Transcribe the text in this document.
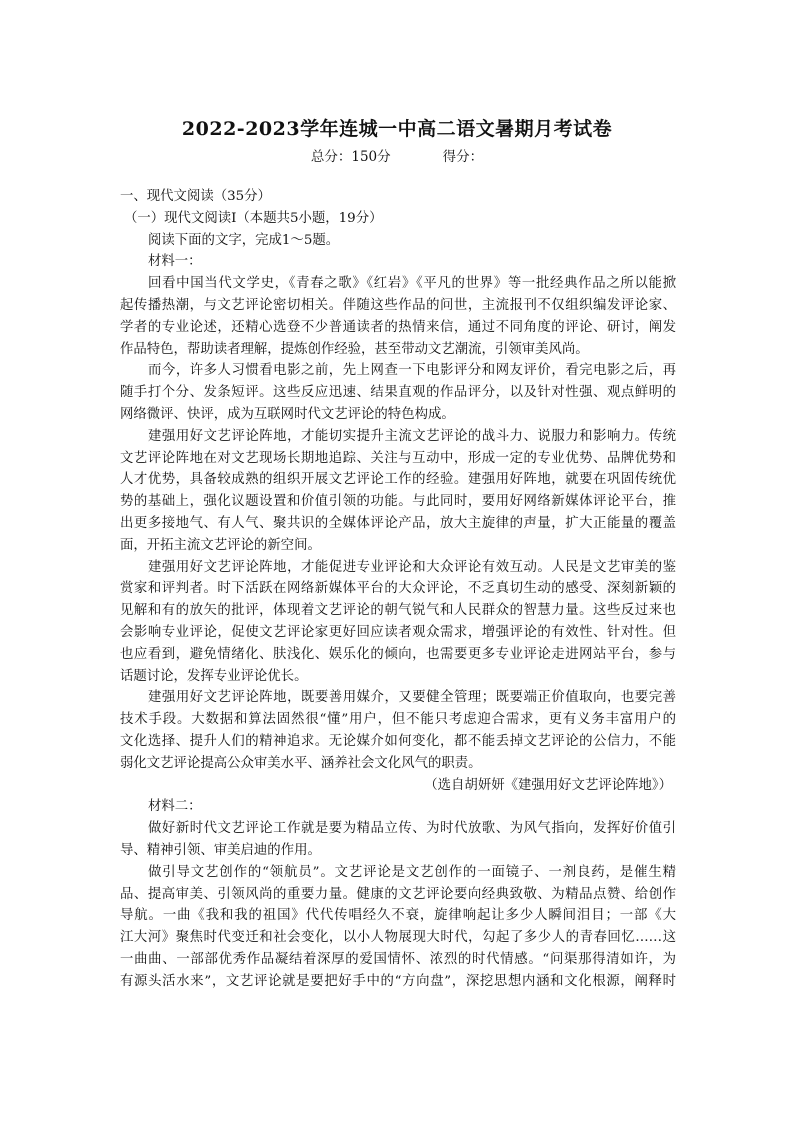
2022-2023学年连城一中高二语文暑期月考试卷
总分：150分	得分：
一、现代文阅读（35分）
（一）现代文阅读Ⅰ（本题共5小题，19分）
阅读下面的文字，完成1～5题。
材料一：
回看中国当代文学史，《青春之歌》《红岩》《平凡的世界》等一批经典作品之所以能掀
起传播热潮，与文艺评论密切相关。伴随这些作品的问世，主流报刊不仅组织编发评论家、
学者的专业论述，还精心选登不少普通读者的热情来信，通过不同角度的评论、研讨，阐发
作品特色，帮助读者理解，提炼创作经验，甚至带动文艺潮流，引领审美风尚。
而今，许多人习惯看电影之前，先上网查一下电影评分和网友评价，看完电影之后，再
随手打个分、发条短评。这些反应迅速、结果直观的作品评分，以及针对性强、观点鲜明的
网络微评、快评，成为互联网时代文艺评论的特色构成。
建强用好文艺评论阵地，才能切实提升主流文艺评论的战斗力、说服力和影响力。传统
文艺评论阵地在对文艺现场长期地追踪、关注与互动中，形成一定的专业优势、品牌优势和
人才优势，具备较成熟的组织开展文艺评论工作的经验。建强用好阵地，就要在巩固传统优
势的基础上，强化议题设置和价值引领的功能。与此同时，要用好网络新媒体评论平台，推
出更多接地气、有人气、聚共识的全媒体评论产品，放大主旋律的声量，扩大正能量的覆盖
面，开拓主流文艺评论的新空间。
建强用好文艺评论阵地，才能促进专业评论和大众评论有效互动。人民是文艺审美的鉴
赏家和评判者。时下活跃在网络新媒体平台的大众评论，不乏真切生动的感受、深刻新颖的
见解和有的放矢的批评，体现着文艺评论的朝气锐气和人民群众的智慧力量。这些反过来也
会影响专业评论，促使文艺评论家更好回应读者观众需求，增强评论的有效性、针对性。但
也应看到，避免情绪化、肤浅化、娱乐化的倾向，也需要更多专业评论走进网站平台，参与
话题讨论，发挥专业评论优长。
建强用好文艺评论阵地，既要善用媒介，又要健全管理；既要端正价值取向，也要完善
技术手段。大数据和算法固然很“懂”用户，但不能只考虑迎合需求，更有义务丰富用户的
文化选择、提升人们的精神追求。无论媒介如何变化，都不能丢掉文艺评论的公信力，不能
弱化文艺评论提高公众审美水平、涵养社会文化风气的职责。
（选自胡妍妍《建强用好文艺评论阵地》）
材料二：
做好新时代文艺评论工作就是要为精品立传、为时代放歌、为风气指向，发挥好价值引
导、精神引领、审美启迪的作用。
做引导文艺创作的“领航员”。文艺评论是文艺创作的一面镜子、一剂良药，是催生精
品、提高审美、引领风尚的重要力量。健康的文艺评论要向经典致敬、为精品点赞、给创作
导航。一曲《我和我的祖国》代代传唱经久不衰，旋律响起让多少人瞬间泪目；一部《大
江大河》聚焦时代变迁和社会变化，以小人物展现大时代，勾起了多少人的青春回忆……这
一曲曲、一部部优秀作品凝结着深厚的爱国情怀、浓烈的时代情感。“问渠那得清如许，为
有源头活水来”，文艺评论就是要把好手中的“方向盘”，深挖思想内涵和文化根源，阐释时
